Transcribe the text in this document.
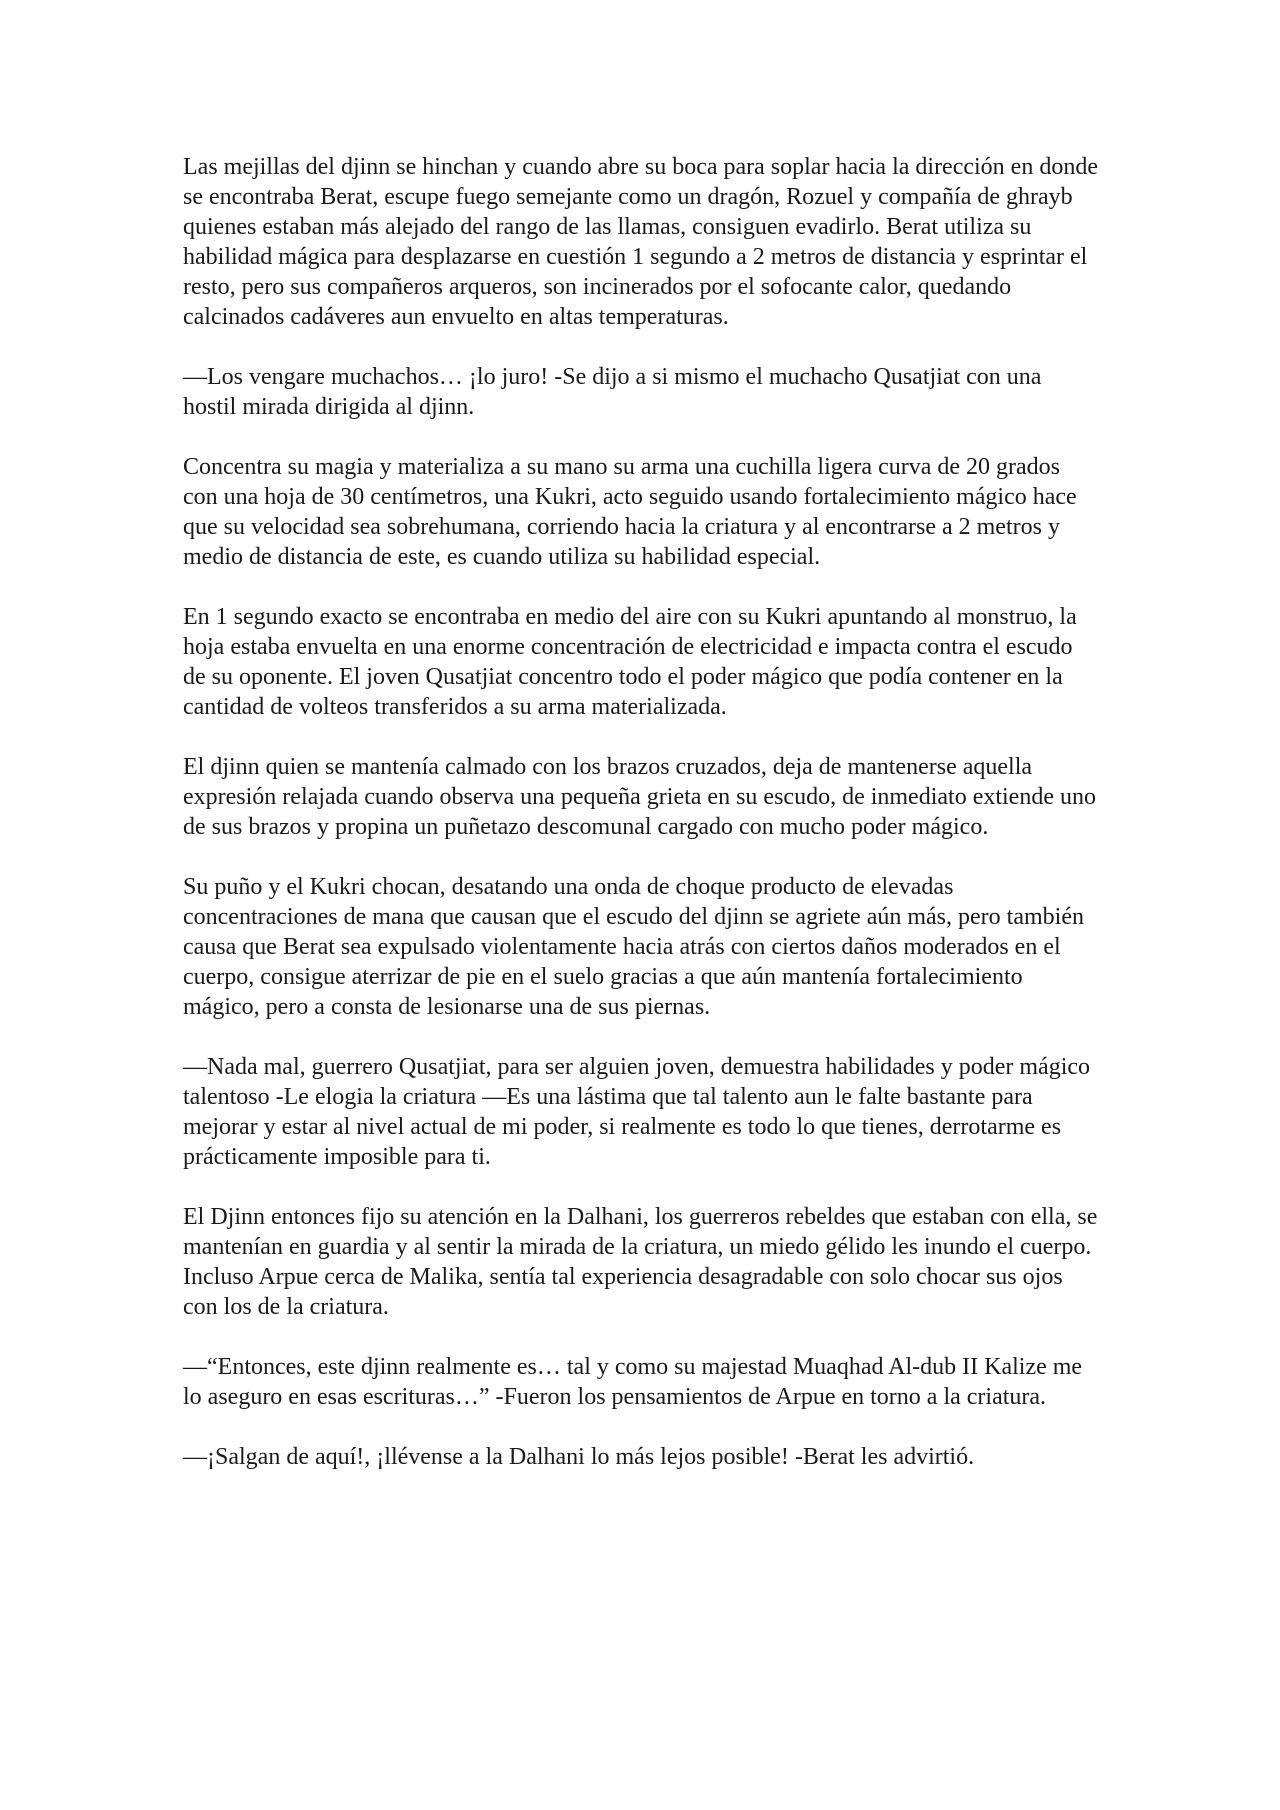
Las mejillas del djinn se hinchan y cuando abre su boca para soplar hacia la dirección en donde se encontraba Berat, escupe fuego semejante como un dragón, Rozuel y compañía de ghrayb quienes estaban más alejado del rango de las llamas, consiguen evadirlo. Berat utiliza su habilidad mágica para desplazarse en cuestión 1 segundo a 2 metros de distancia y esprintar el resto, pero sus compañeros arqueros, son incinerados por el sofocante calor, quedando calcinados cadáveres aun envuelto en altas temperaturas.

—Los vengare muchachos… ¡lo juro! -Se dijo a si mismo el muchacho Qusatjiat con una hostil mirada dirigida al djinn.

Concentra su magia y materializa a su mano su arma una cuchilla ligera curva de 20 grados con una hoja de 30 centímetros, una Kukri, acto seguido usando fortalecimiento mágico hace que su velocidad sea sobrehumana, corriendo hacia la criatura y al encontrarse a 2 metros y medio de distancia de este, es cuando utiliza su habilidad especial.

En 1 segundo exacto se encontraba en medio del aire con su Kukri apuntando al monstruo, la hoja estaba envuelta en una enorme concentración de electricidad e impacta contra el escudo de su oponente. El joven Qusatjiat concentro todo el poder mágico que podía contener en la cantidad de volteos transferidos a su arma materializada.

El djinn quien se mantenía calmado con los brazos cruzados, deja de mantenerse aquella expresión relajada cuando observa una pequeña grieta en su escudo, de inmediato extiende uno de sus brazos y propina un puñetazo descomunal cargado con mucho poder mágico.

Su puño y el Kukri chocan, desatando una onda de choque producto de elevadas concentraciones de mana que causan que el escudo del djinn se agriete aún más, pero también causa que Berat sea expulsado violentamente hacia atrás con ciertos daños moderados en el cuerpo, consigue aterrizar de pie en el suelo gracias a que aún mantenía fortalecimiento mágico, pero a consta de lesionarse una de sus piernas.

—Nada mal, guerrero Qusatjiat, para ser alguien joven, demuestra habilidades y poder mágico talentoso -Le elogia la criatura —Es una lástima que tal talento aun le falte bastante para mejorar y estar al nivel actual de mi poder, si realmente es todo lo que tienes, derrotarme es prácticamente imposible para ti.

El Djinn entonces fijo su atención en la Dalhani, los guerreros rebeldes que estaban con ella, se mantenían en guardia y al sentir la mirada de la criatura, un miedo gélido les inundo el cuerpo. Incluso Arpue cerca de Malika, sentía tal experiencia desagradable con solo chocar sus ojos con los de la criatura.

—“Entonces, este djinn realmente es… tal y como su majestad Muaqhad Al-dub II Kalize me lo aseguro en esas escrituras…” -Fueron los pensamientos de Arpue en torno a la criatura.

—¡Salgan de aquí!, ¡llévense a la Dalhani lo más lejos posible! -Berat les advirtió.
